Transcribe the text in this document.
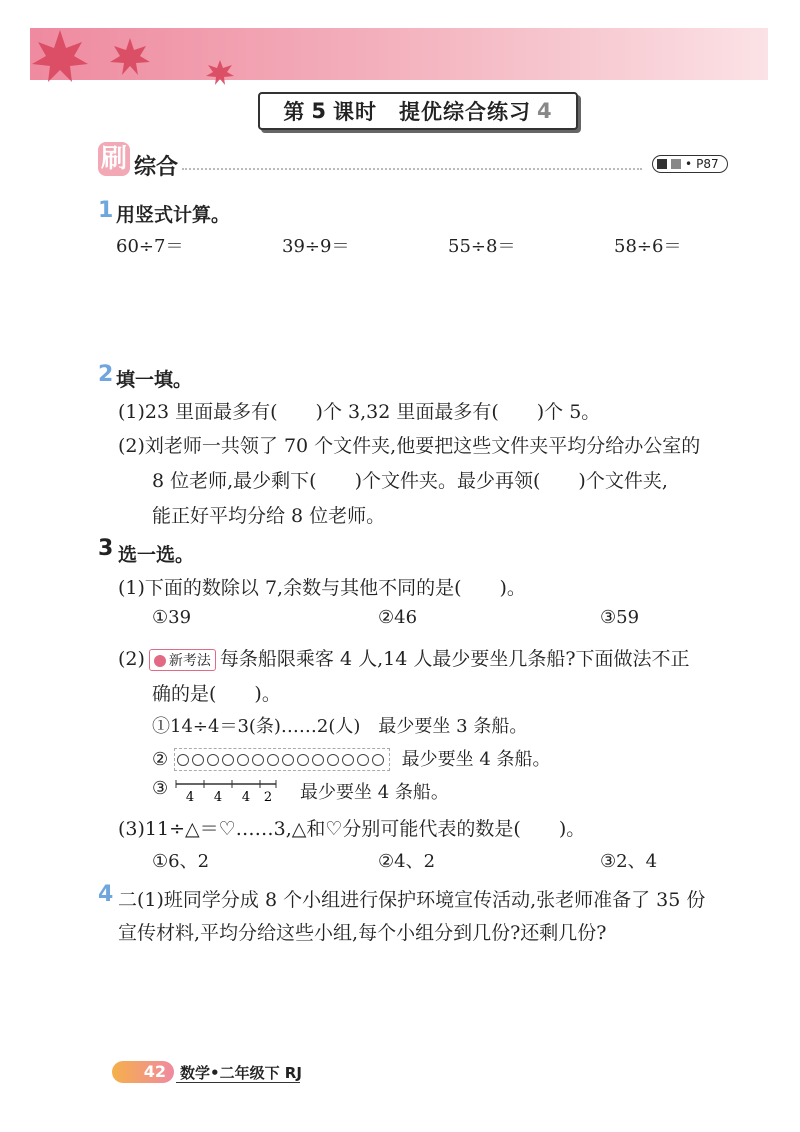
第 5 课时 提优综合练习 4
刷 综合	• P87
1 用竖式计算。
60÷7＝	39÷9＝	55÷8＝	58÷6＝
2 填一填。
(1)23 里面最多有(　　)个 3,32 里面最多有(　　)个 5。
(2)刘老师一共领了 70 个文件夹,他要把这些文件夹平均分给办公室的
8 位老师,最少剩下(　　)个文件夹。最少再领(　　)个文件夹,
能正好平均分给 8 位老师。
3 选一选。
(1)下面的数除以 7,余数与其他不同的是(　　)。
①39	②46	③59
(2) 新考法 每条船限乘客 4 人,14 人最少要坐几条船?下面做法不正
确的是(　　)。
①14÷4＝3(条)……2(人)　最少要坐 3 条船。
②	最少要坐 4 条船。
③ 4 4 4 2 最少要坐 4 条船。
(3)11÷△＝♡……3,△和♡分别可能代表的数是(　　)。
①6、2	②4、2	③2、4
4 二(1)班同学分成 8 个小组进行保护环境宣传活动,张老师准备了 35 份
宣传材料,平均分给这些小组,每个小组分到几份?还剩几份?
42 数学•二年级下 RJ
